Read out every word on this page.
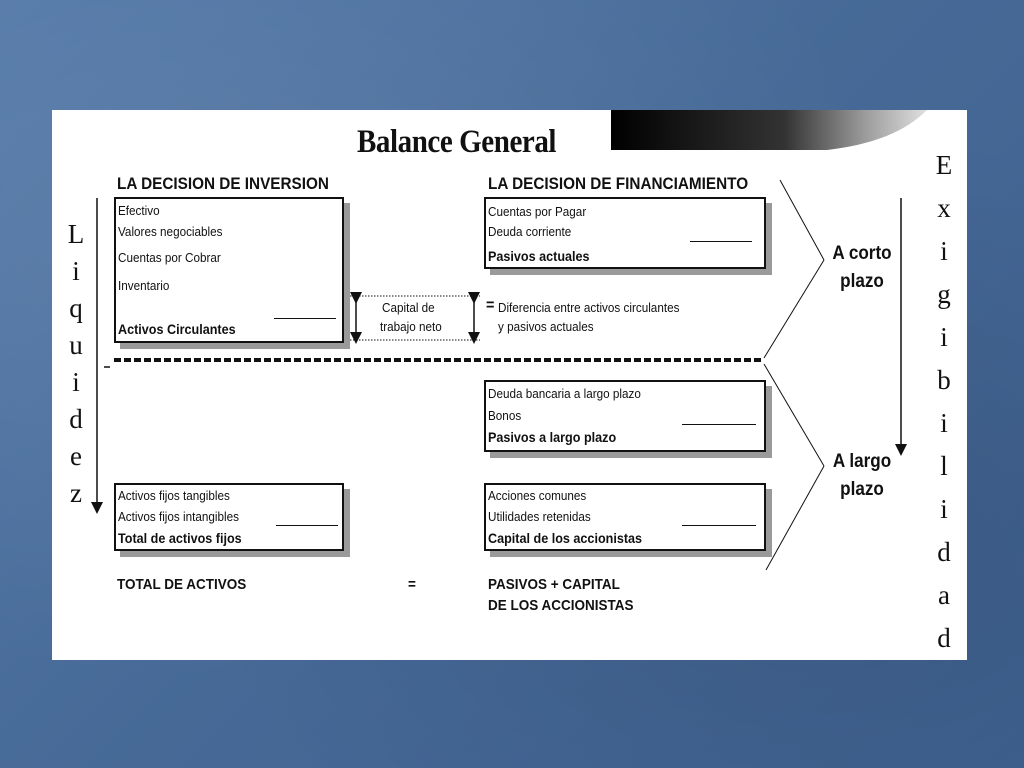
Balance General
LA DECISION DE INVERSION	LA DECISION DE FINANCIAMIENTO
L
i
q
u
i
d
e
z
E
x
i
g
i
b
i
l
i
d
a
d
Efectivo
Valores negociables
Cuentas por Cobrar
Inventario
Activos Circulantes
Cuentas por Pagar
Deuda corriente
Pasivos actuales
Capital de
trabajo neto
= Diferencia entre activos circulantes
y pasivos actuales
Deuda bancaria a largo plazo
Bonos
Pasivos a largo plazo
Activos fijos tangibles
Activos fijos intangibles
Total de activos fijos
Acciones comunes
Utilidades retenidas
Capital de los accionistas
A corto
plazo
A largo
plazo
TOTAL DE ACTIVOS	=	PASIVOS + CAPITAL
DE LOS ACCIONISTAS
